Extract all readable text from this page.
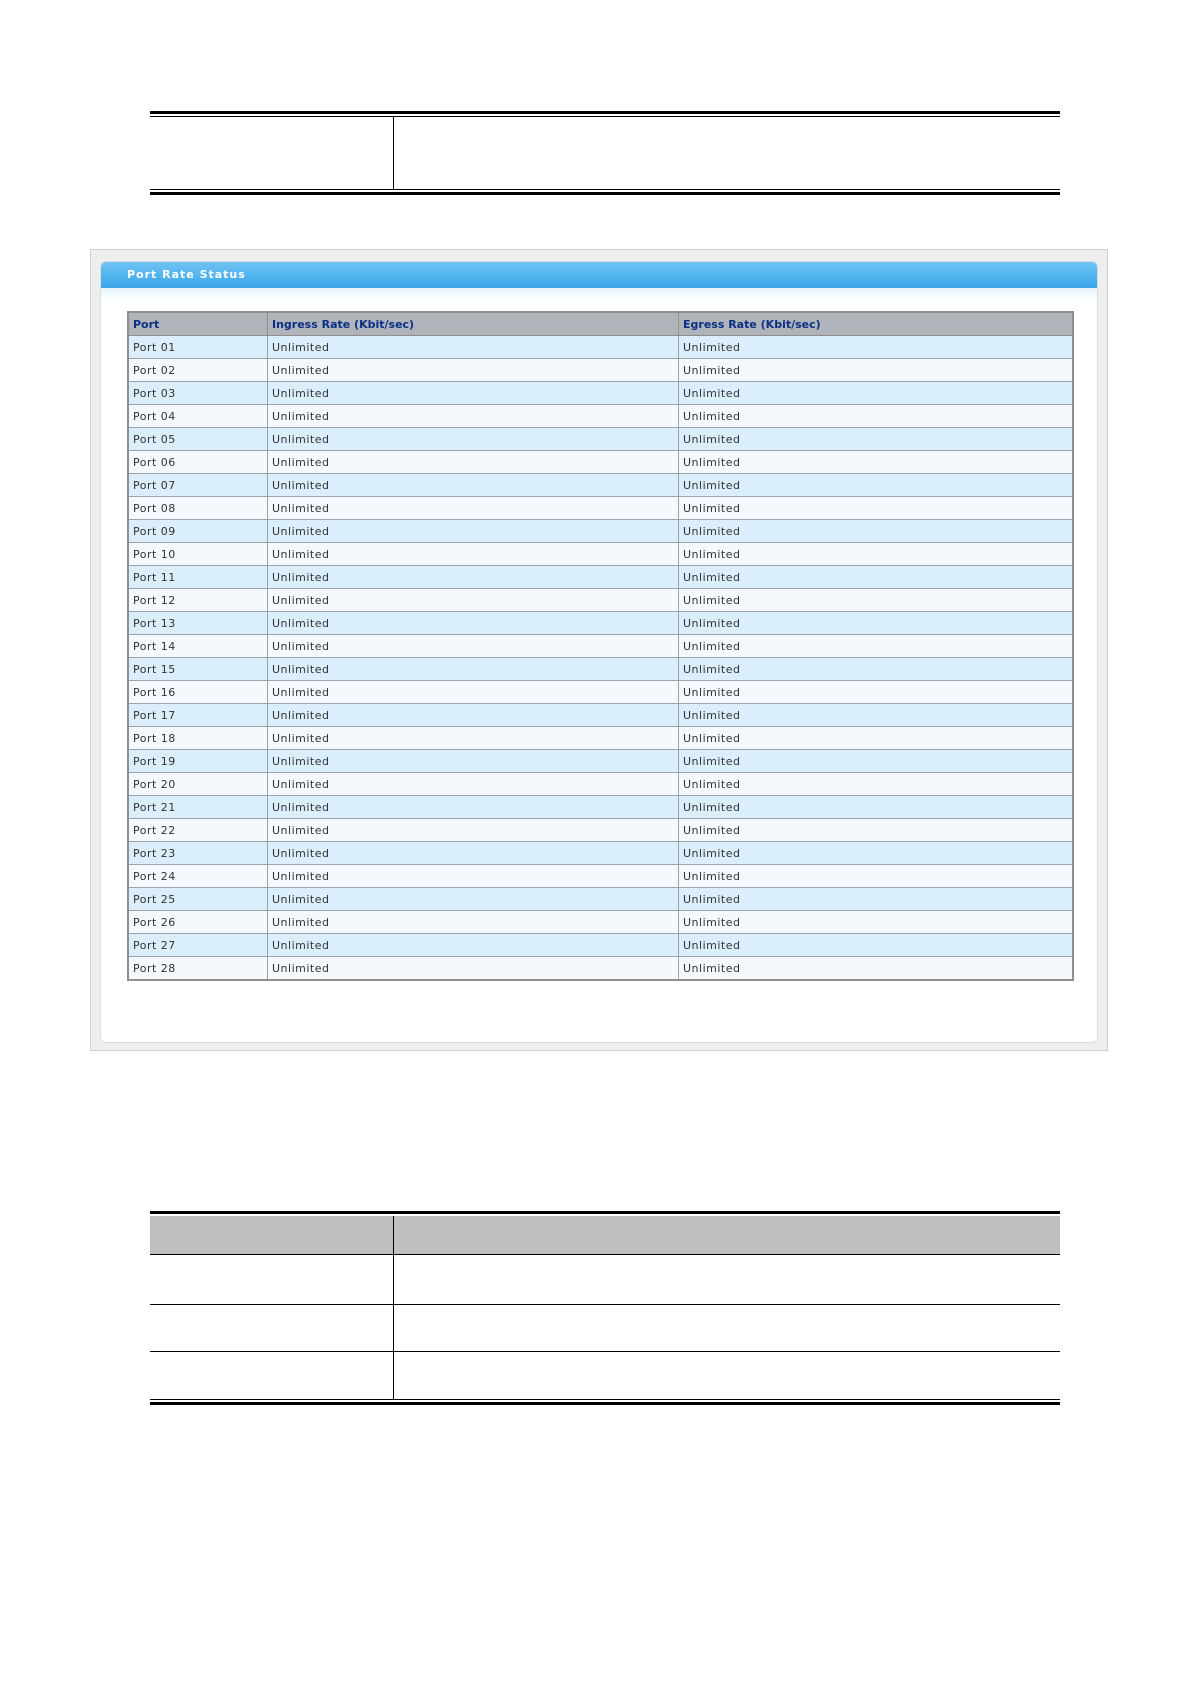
Port Rate Status
Port	Ingress Rate (Kbit/sec)	Egress Rate (Kbit/sec)
Port 01	Unlimited	Unlimited
Port 02	Unlimited	Unlimited
Port 03	Unlimited	Unlimited
Port 04	Unlimited	Unlimited
Port 05	Unlimited	Unlimited
Port 06	Unlimited	Unlimited
Port 07	Unlimited	Unlimited
Port 08	Unlimited	Unlimited
Port 09	Unlimited	Unlimited
Port 10	Unlimited	Unlimited
Port 11	Unlimited	Unlimited
Port 12	Unlimited	Unlimited
Port 13	Unlimited	Unlimited
Port 14	Unlimited	Unlimited
Port 15	Unlimited	Unlimited
Port 16	Unlimited	Unlimited
Port 17	Unlimited	Unlimited
Port 18	Unlimited	Unlimited
Port 19	Unlimited	Unlimited
Port 20	Unlimited	Unlimited
Port 21	Unlimited	Unlimited
Port 22	Unlimited	Unlimited
Port 23	Unlimited	Unlimited
Port 24	Unlimited	Unlimited
Port 25	Unlimited	Unlimited
Port 26	Unlimited	Unlimited
Port 27	Unlimited	Unlimited
Port 28	Unlimited	Unlimited
